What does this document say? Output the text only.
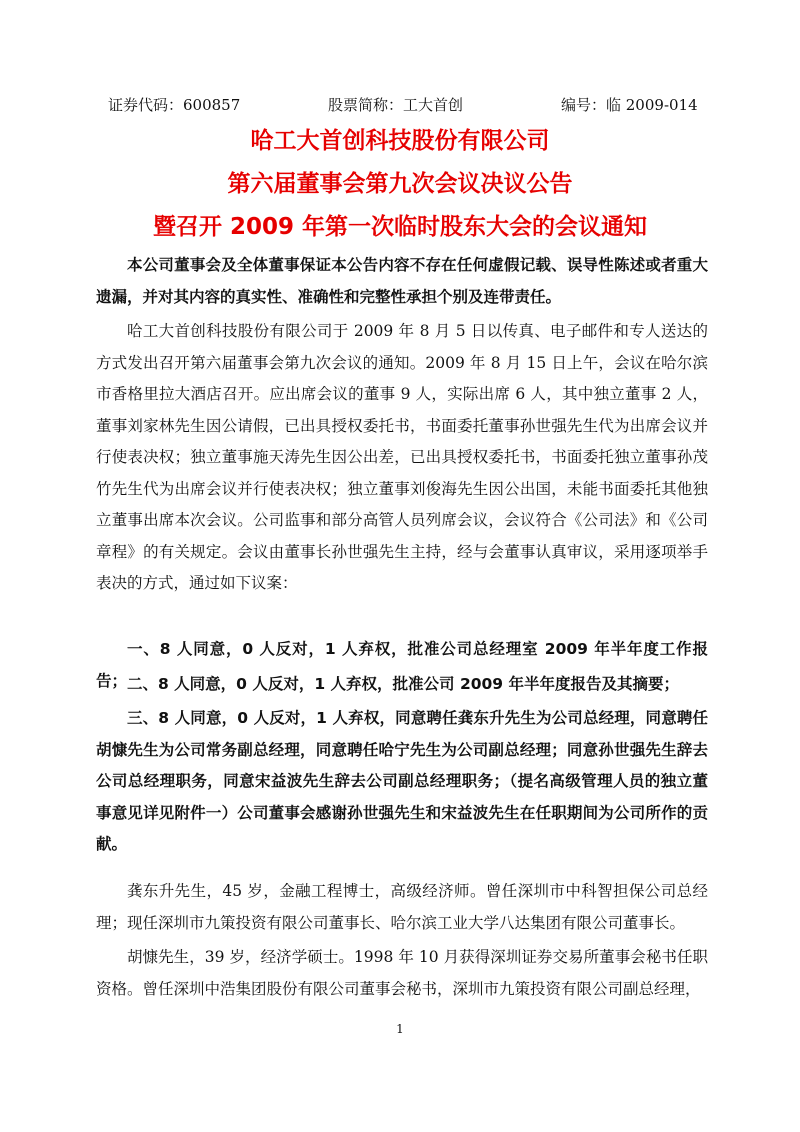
证券代码：600857	股票简称：工大首创	编号：临 2009-014
哈工大首创科技股份有限公司
第六届董事会第九次会议决议公告
暨召开 2009 年第一次临时股东大会的会议通知
本公司董事会及全体董事保证本公告内容不存在任何虚假记载、误导性陈述或者重大遗漏，并对其内容的真实性、准确性和完整性承担个别及连带责任。
哈工大首创科技股份有限公司于 2009 年 8 月 5 日以传真、电子邮件和专人送达的方式发出召开第六届董事会第九次会议的通知。2009 年 8 月 15 日上午，会议在哈尔滨市香格里拉大酒店召开。应出席会议的董事 9 人，实际出席 6 人，其中独立董事 2 人，董事刘家林先生因公请假，已出具授权委托书，书面委托董事孙世强先生代为出席会议并行使表决权；独立董事施天涛先生因公出差，已出具授权委托书，书面委托独立董事孙茂竹先生代为出席会议并行使表决权；独立董事刘俊海先生因公出国，未能书面委托其他独立董事出席本次会议。公司监事和部分高管人员列席会议，会议符合《公司法》和《公司章程》的有关规定。会议由董事长孙世强先生主持，经与会董事认真审议，采用逐项举手表决的方式，通过如下议案：
一、8 人同意，0 人反对，1 人弃权，批准公司总经理室 2009 年半年度工作报告； 二、8 人同意，0 人反对，1 人弃权，批准公司 2009 年半年度报告及其摘要；
三、8 人同意，0 人反对，1 人弃权，同意聘任龚东升先生为公司总经理，同意聘任胡慷先生为公司常务副总经理，同意聘任哈宁先生为公司副总经理；同意孙世强先生辞去公司总经理职务，同意宋益波先生辞去公司副总经理职务；（提名高级管理人员的独立董事意见详见附件一）公司董事会感谢孙世强先生和宋益波先生在任职期间为公司所作的贡献。
龚东升先生，45 岁，金融工程博士，高级经济师。曾任深圳市中科智担保公司总经理；现任深圳市九策投资有限公司董事长、哈尔滨工业大学八达集团有限公司董事长。
胡慷先生，39 岁，经济学硕士。1998 年 10 月获得深圳证券交易所董事会秘书任职资格。曾任深圳中浩集团股份有限公司董事会秘书，深圳市九策投资有限公司副总经理，
1
